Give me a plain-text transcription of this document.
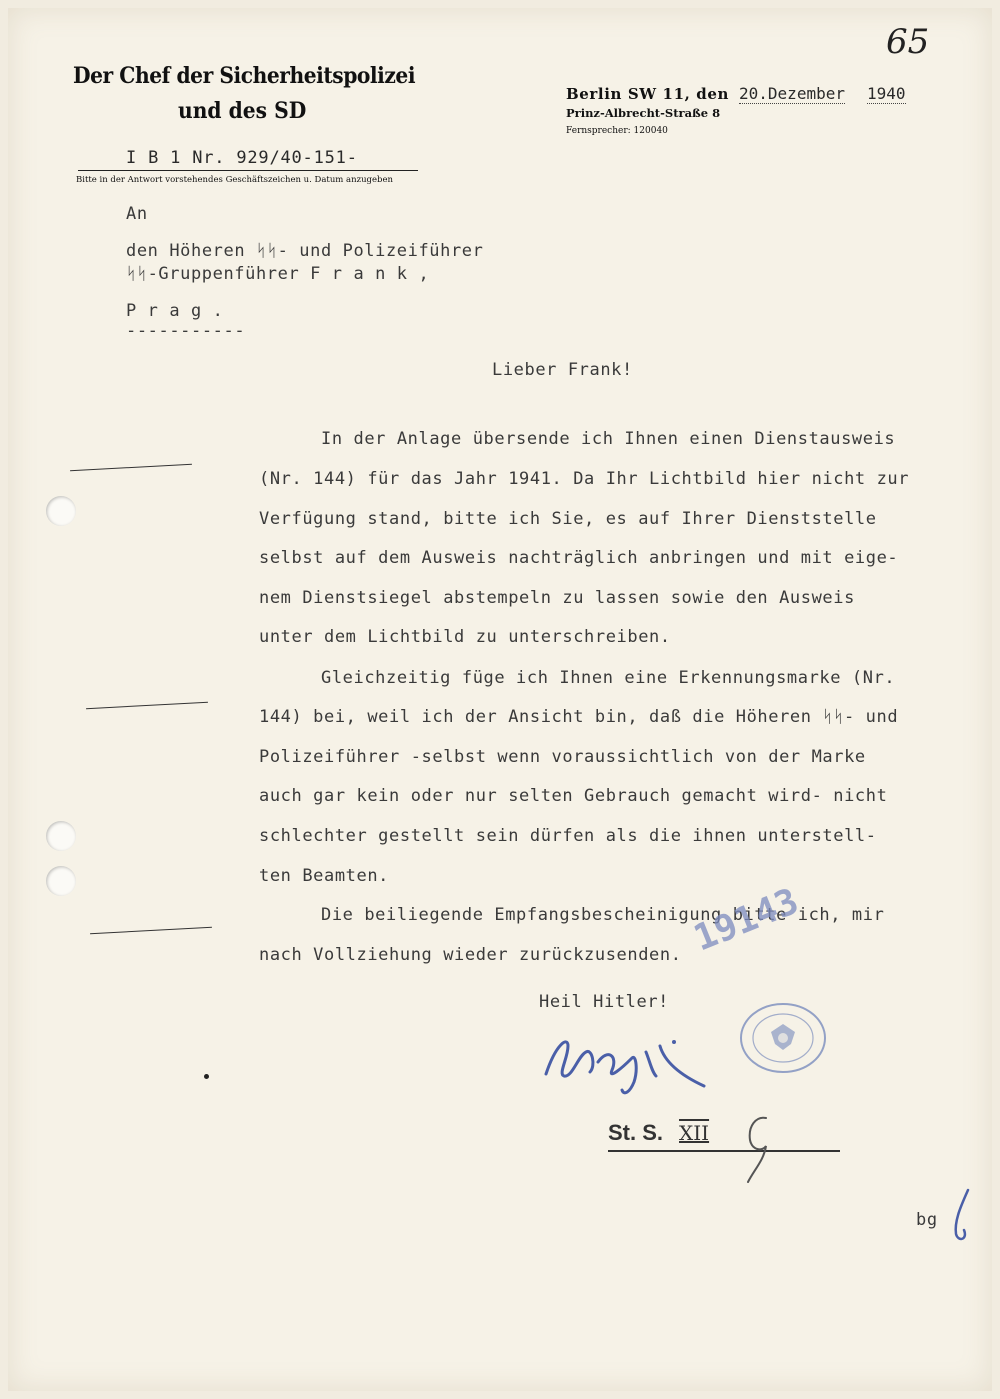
65
Der Chef der Sicherheitspolizei
und des SD
I B 1 Nr. 929/40-151-
Bitte in der Antwort vorstehendes Geschäftszeichen u. Datum anzugeben
Berlin SW 11, den 20.Dezember 1940
Prinz-Albrecht-Straße 8
Fernsprecher: 120040
An
den Höheren ᛋᛋ- und Polizeiführer
ᛋᛋ-Gruppenführer F r a n k ,
P r a g .
-----------
Lieber Frank!
In der Anlage übersende ich Ihnen einen Dienstausweis
(Nr. 144) für das Jahr 1941. Da Ihr Lichtbild hier nicht zur
Verfügung stand, bitte ich Sie, es auf Ihrer Dienststelle
selbst auf dem Ausweis nachträglich anbringen und mit eige-
nem Dienstsiegel abstempeln zu lassen sowie den Ausweis
unter dem Lichtbild zu unterschreiben.
Gleichzeitig füge ich Ihnen eine Erkennungsmarke (Nr.
144) bei, weil ich der Ansicht bin, daß die Höheren ᛋᛋ- und
Polizeiführer -selbst wenn voraussichtlich von der Marke
auch gar kein oder nur selten Gebrauch gemacht wird- nicht
schlechter gestellt sein dürfen als die ihnen unterstell-
ten Beamten.
Die beiliegende Empfangsbescheinigung bitte ich, mir
nach Vollziehung wieder zurückzusenden. 19143
Heil Hitler!
St. S. XII
bg
